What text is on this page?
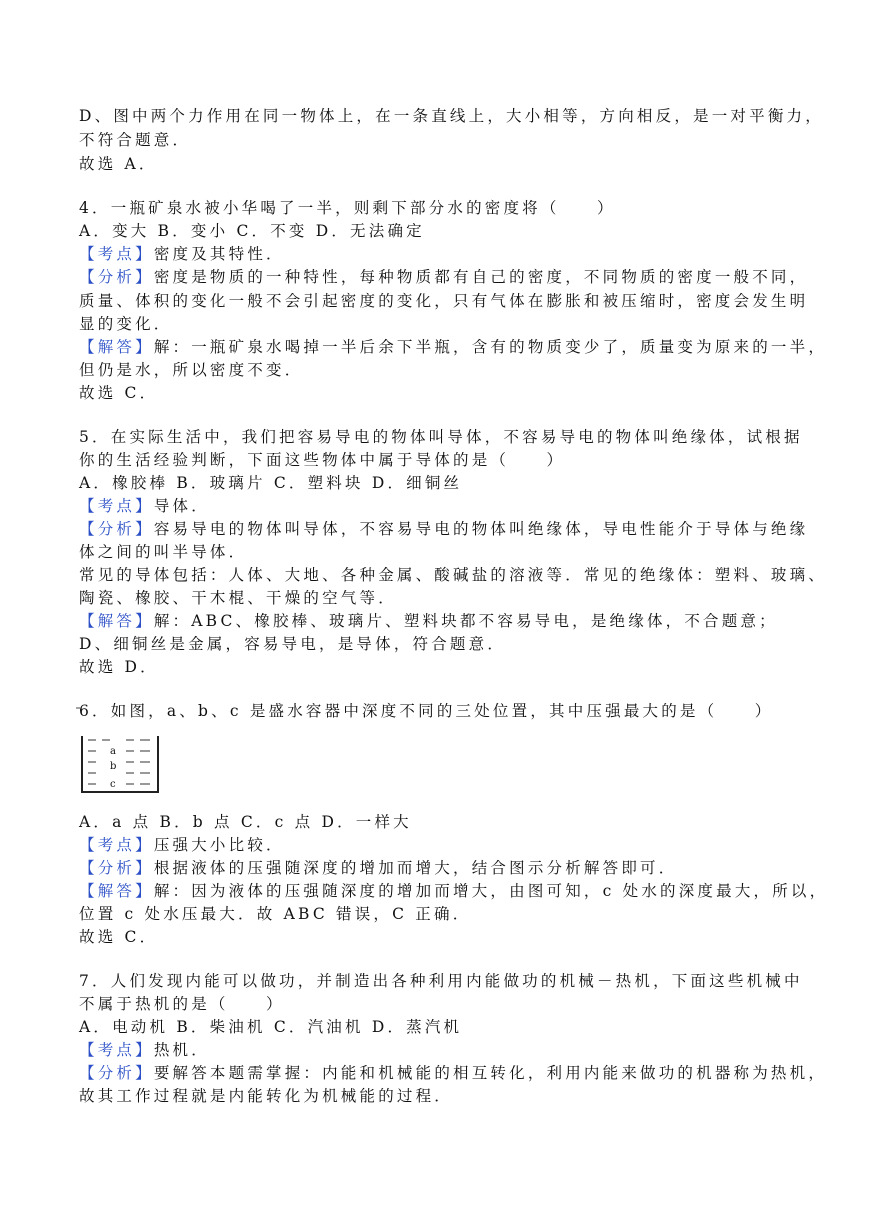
D、图中两个力作用在同一物体上，在一条直线上，大小相等，方向相反，是一对平衡力，
不符合题意．
故选 A．
4．一瓶矿泉水被小华喝了一半，则剩下部分水的密度将（　　）
A．变大 B．变小 C．不变 D．无法确定
【考点】密度及其特性．
【分析】密度是物质的一种特性，每种物质都有自己的密度，不同物质的密度一般不同，
质量、体积的变化一般不会引起密度的变化，只有气体在膨胀和被压缩时，密度会发生明
显的变化．
【解答】解：一瓶矿泉水喝掉一半后余下半瓶，含有的物质变少了，质量变为原来的一半，
但仍是水，所以密度不变．
故选 C．
5．在实际生活中，我们把容易导电的物体叫导体，不容易导电的物体叫绝缘体，试根据
你的生活经验判断，下面这些物体中属于导体的是（　　）
A．橡胶棒 B．玻璃片 C．塑料块 D．细铜丝
【考点】导体．
【分析】容易导电的物体叫导体，不容易导电的物体叫绝缘体，导电性能介于导体与绝缘
体之间的叫半导体．
常见的导体包括：人体、大地、各种金属、酸碱盐的溶液等．常见的绝缘体：塑料、玻璃、
陶瓷、橡胶、干木棍、干燥的空气等．
【解答】解：ABC、橡胶棒、玻璃片、塑料块都不容易导电，是绝缘体，不合题意；
D、细铜丝是金属，容易导电，是导体，符合题意．
故选 D．
6．如图，a、b、c 是盛水容器中深度不同的三处位置，其中压强最大的是（　　）
a
b
c
A．a 点 B．b 点 C．c 点 D．一样大
【考点】压强大小比较．
【分析】根据液体的压强随深度的增加而增大，结合图示分析解答即可．
【解答】解：因为液体的压强随深度的增加而增大，由图可知，c 处水的深度最大，所以，
位置 c 处水压最大．故 ABC 错误，C 正确．
故选 C．
7．人们发现内能可以做功，并制造出各种利用内能做功的机械－热机，下面这些机械中
不属于热机的是（　　）
A．电动机 B．柴油机 C．汽油机 D．蒸汽机
【考点】热机．
【分析】要解答本题需掌握：内能和机械能的相互转化，利用内能来做功的机器称为热机，
故其工作过程就是内能转化为机械能的过程．
